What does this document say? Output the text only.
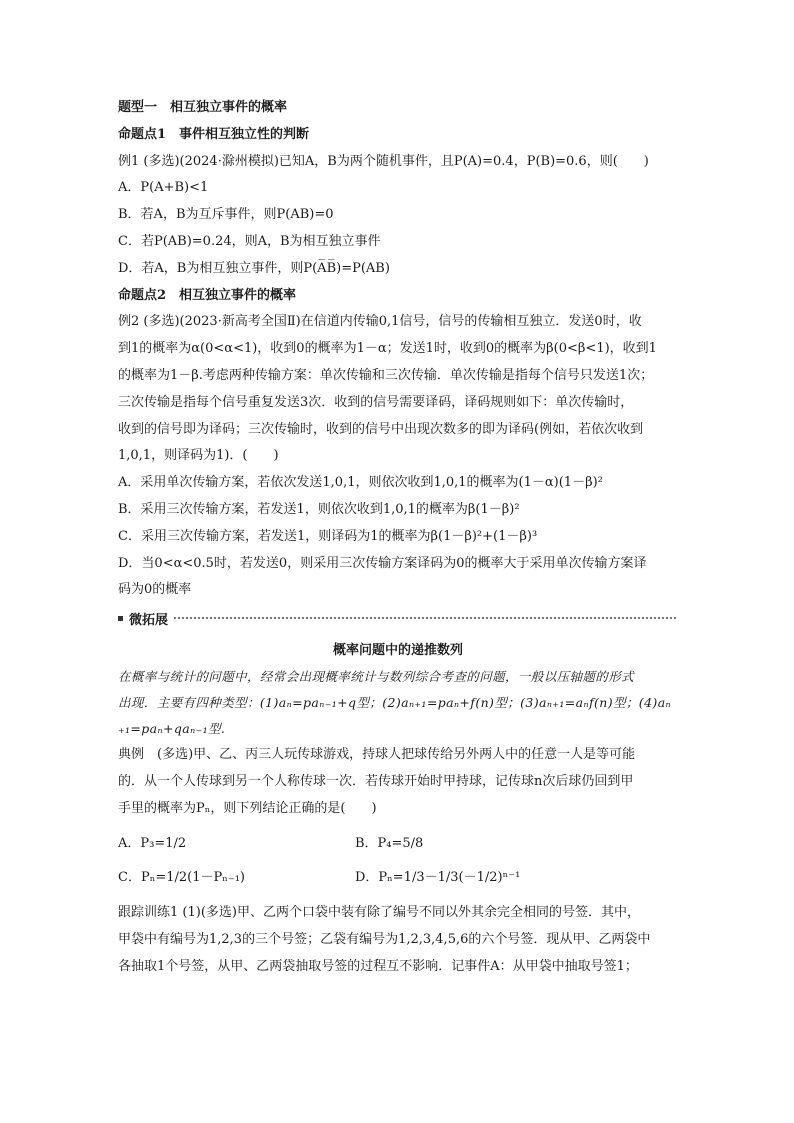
题型一　相互独立事件的概率
命题点1　事件相互独立性的判断
例1 (多选)(2024·滁州模拟)已知A，B为两个随机事件，且P(A)=0.4，P(B)=0.6，则(　　)
A．P(A+B)<1
B．若A，B为互斥事件，则P(AB)=0
C．若P(AB)=0.24，则A，B为相互独立事件
D．若A，B为相互独立事件，则P(A̅B̅)=P(AB)
命题点2　相互独立事件的概率
例2 (多选)(2023·新高考全国Ⅱ)在信道内传输0,1信号，信号的传输相互独立．发送0时，收
到1的概率为α(0<α<1)，收到0的概率为1－α；发送1时，收到0的概率为β(0<β<1)，收到1
的概率为1－β.考虑两种传输方案：单次传输和三次传输．单次传输是指每个信号只发送1次；
三次传输是指每个信号重复发送3次．收到的信号需要译码，译码规则如下：单次传输时，
收到的信号即为译码；三次传输时，收到的信号中出现次数多的即为译码(例如，若依次收到
1,0,1，则译码为1)．(　　)
A．采用单次传输方案，若依次发送1,0,1，则依次收到1,0,1的概率为(1－α)(1－β)²
B．采用三次传输方案，若发送1，则依次收到1,0,1的概率为β(1－β)²
C．采用三次传输方案，若发送1，则译码为1的概率为β(1－β)²+(1－β)³
D．当0<α<0.5时，若发送0，则采用三次传输方案译码为0的概率大于采用单次传输方案译
码为0的概率
微拓展
概率问题中的递推数列
在概率与统计的问题中，经常会出现概率统计与数列综合考查的问题，一般以压轴题的形式
出现．主要有四种类型：(1)aₙ=paₙ₋₁+q型；(2)aₙ₊₁=paₙ+f(n)型；(3)aₙ₊₁=aₙf(n)型；(4)aₙ
₊₁=paₙ+qaₙ₋₁型.
典例　(多选)甲、乙、丙三人玩传球游戏，持球人把球传给另外两人中的任意一人是等可能
的．从一个人传球到另一个人称传球一次．若传球开始时甲持球，记传球n次后球仍回到甲
手里的概率为Pₙ，则下列结论正确的是(　　)
A．P₃=1/2	B．P₄=5/8
C．Pₙ=1/2(1－Pₙ₋₁)	D．Pₙ=1/3－1/3(－1/2)ⁿ⁻¹
跟踪训练1 (1)(多选)甲、乙两个口袋中装有除了编号不同以外其余完全相同的号签．其中，
甲袋中有编号为1,2,3的三个号签；乙袋有编号为1,2,3,4,5,6的六个号签．现从甲、乙两袋中
各抽取1个号签，从甲、乙两袋抽取号签的过程互不影响．记事件A：从甲袋中抽取号签1；
